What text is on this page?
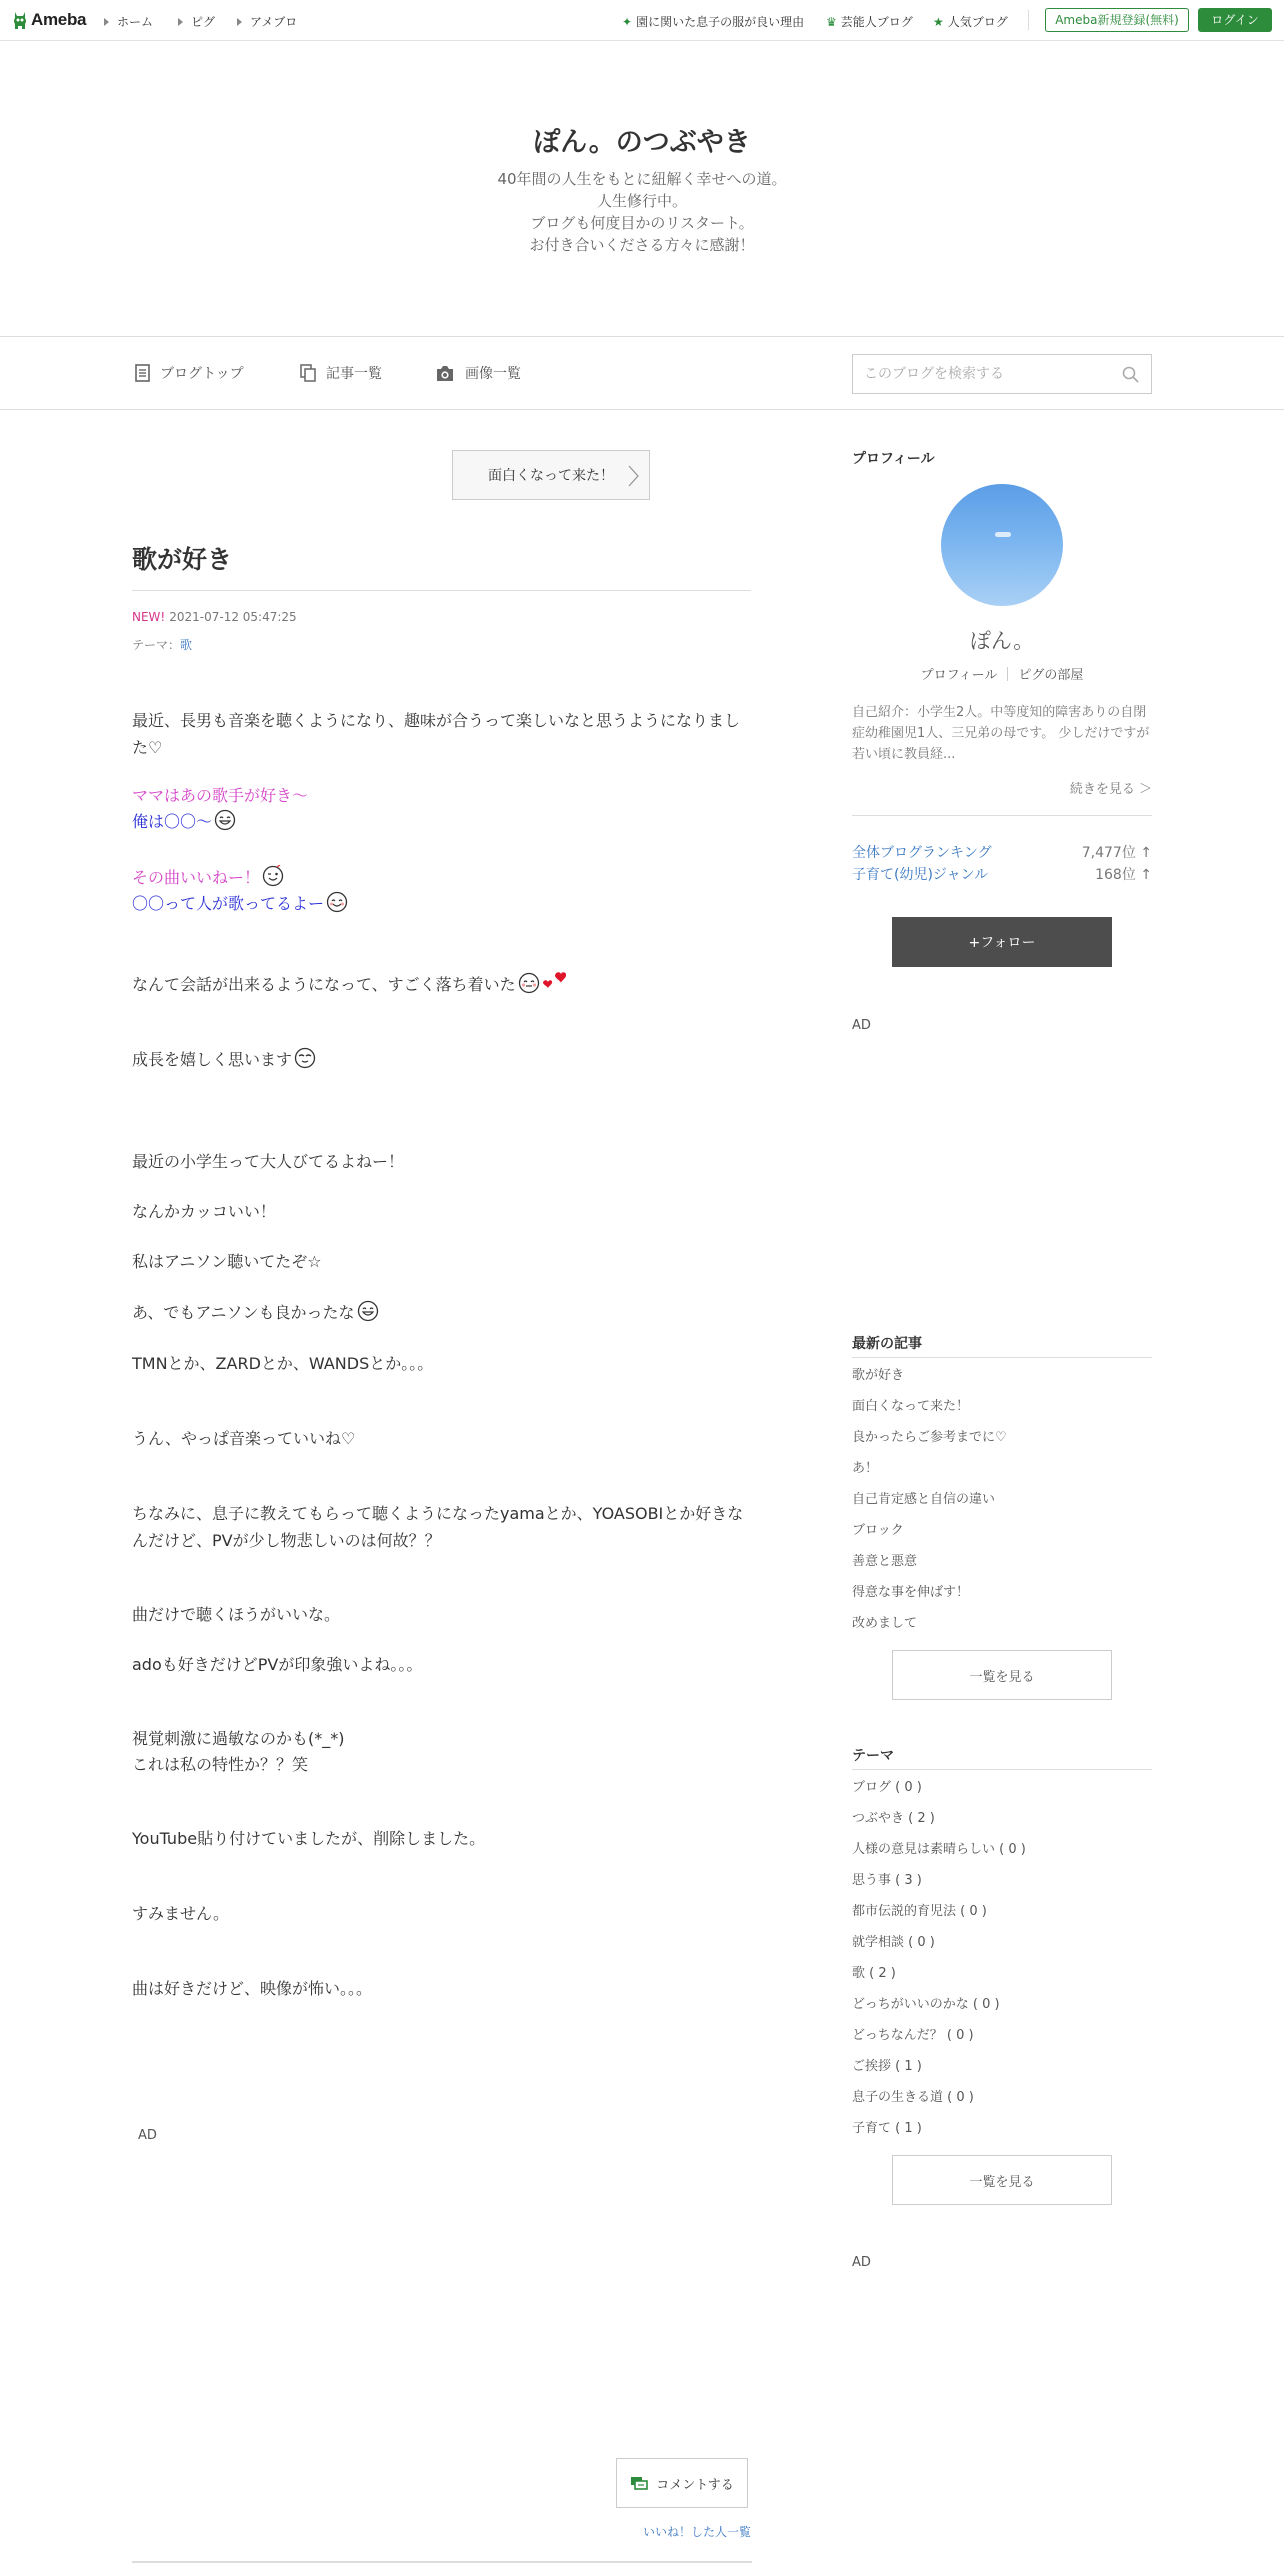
Ameba	ホーム	ピグ	アメブロ	✦ 園に関いた息子の服が良い理由 ♛ 芸能人ブログ ★ 人気ブログ	Ameba新規登録(無料)	ログイン
ぽん。のつぶやき
40年間の人生をもとに紐解く幸せへの道。
人生修行中。
ブログも何度目かのリスタート。
お付き合いくださる方々に感謝！
ブログトップ	記事一覧	画像一覧
このブログを検索する
面白くなって来た！
歌が好き
NEW! 2021-07-12 05:47:25
テーマ：歌
最近、長男も音楽を聴くようになり、趣味が合うって楽しいなと思うようになりました♡
ママはあの歌手が好き〜
俺は〇〇〜
その曲いいねー！
〇〇って人が歌ってるよー
なんて会話が出来るようになって、すごく落ち着いた
成長を嬉しく思います
最近の小学生って大人びてるよねー！
なんかカッコいい！
私はアニソン聴いてたぞ☆
あ、でもアニソンも良かったな
TMNとか、ZARDとか、WANDSとか。。。
うん、やっぱ音楽っていいね♡
ちなみに、息子に教えてもらって聴くようになったyamaとか、YOASOBIとか好きなんだけど、PVが少し物悲しいのは何故？？
曲だけで聴くほうがいいな。
adoも好きだけどPVが印象強いよね。。。
視覚刺激に過敏なのかも(*_*)
これは私の特性か？？笑
YouTube貼り付けていましたが、削除しました。
すみません。
曲は好きだけど、映像が怖い。。。
AD
コメントする
いいね！した人一覧
プロフィール
ぽん。
プロフィール ピグの部屋
自己紹介：小学生2人。中等度知的障害ありの自閉症幼稚園児1人、三兄弟の母です。 少しだけですが若い頃に教員経...
続きを見る ＞
全体ブログランキング	7,477位 ↑
子育て(幼児)ジャンル	168位 ↑
+フォロー
AD
最新の記事
歌が好き
面白くなって来た！
良かったらご参考までに♡
あ！
自己肯定感と自信の違い
ブロック
善意と悪意
得意な事を伸ばす！
改めまして
一覧を見る
テーマ
ブログ ( 0 )
つぶやき ( 2 )
人様の意見は素晴らしい ( 0 )
思う事 ( 3 )
都市伝説的育児法 ( 0 )
就学相談 ( 0 )
歌 ( 2 )
どっちがいいのかな ( 0 )
どっちなんだ？ ( 0 )
ご挨拶 ( 1 )
息子の生きる道 ( 0 )
子育て ( 1 )
一覧を見る
AD
